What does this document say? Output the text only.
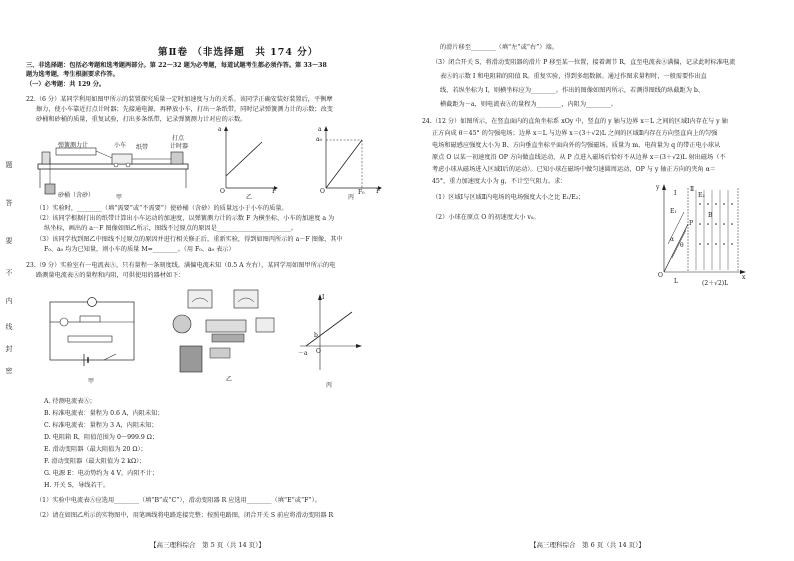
第Ⅱ卷 （非选择题　共 174 分）
三、非选择题：包括必考题和选考题两部分。第 22～32 题为必考题，每道试题考生都必须作答。第 33～38
题为选考题，考生根据要求作答。
（一）必考题：共 129 分。
22.（6 分）某同学利用如图甲所示的装置探究质量一定时加速度与力的关系。该同学正确安装好装置后，平衡摩
擦力，使小车靠近打点计时器；先接通电源，再释放小车，打出一条纸带，同时记录弹簧测力计的示数；改变
砂桶和砂桶的质量，重复试验，打出多条纸带，记录弹簧测力计对应的示数。
弹簧测力计	小车 纸带
打点
计时器
砂桶（含砂）	甲
a
F
O
乙
a
a₀
F
F₀
O
丙
（1）实验时，________（填“需要”或“不需要”）使砂桶（含砂）的质量远小于小车的质量。
（2）该同学根据打出的纸带计算出小车运动的加速度，以弹簧测力计的示数 F 为横坐标，小车的加速度 a 为
纵坐标，画出的 a－F 图像如图乙所示，图线不过原点的原因是________________________。
（3）该同学找到图乙中图线不过原点的原因并进行相关修正后，重新实验，得到如图丙所示的 a－F 图像，其中
F₀、a₀ 均为已知量，则小车的质量 M=________。（用 F₀、a₀ 表示）
23.（9 分）实验室有一电流表Ⓐ，只有量程一条刻度线，满偏电流未知（0.5 A 左右），某同学用如图甲所示的电
路测量电流表Ⓐ的量程和内阻，可供使用的器材如下：
甲	乙
I
b
－a O
丙
A. 待测电流表Ⓐ；
B. 标准电流表：量程为 0.6 A，内阻未知；
C. 标准电流表：量程为 3 A，内阻未知；
D. 电阻箱 R，阻值范围为 0～999.9 Ω；
E. 滑动变阻器（最大阻值为 20 Ω）；
F. 滑动变阻器（最大阻值为 2 kΩ）；
G. 电源 E：电动势约为 4 V，内阻不计；
H. 开关 S，导线若干。
（1）实验中电流表Ⓐ应选用________（填“B”或“C”），滑动变阻器 R 应选用________（填“E”或“F”）。
（2）请在如图乙所示的实物图中，用笔画线将电路连接完整；按照电路图，闭合开关 S 前应将滑动变阻器 R
题
答
要
不
内
线
封
密
【高三理科综合　第 5 页（共 14 页）】
的滑片移至________（填“左”或“右”）端。
（3）闭合开关 S，将滑动变阻器的滑片 P 移至某一位置，接着调节 R，直至电流表Ⓐ满偏，记录此时标准电流
表Ⓐ的示数 I 和电阻箱的阻值 R。重复实验，得到多组数据。通过作图求量程时，一般需要作出直
线，若纵坐标为 I，则横坐标应为________。作出的图像如图丙所示，若测得图线的纵截距为 b、
横截距为－a，则电流表Ⓐ的量程为________，内阻为________。
24.（12 分）如图所示，在竖直面内的直角坐标系 xOy 中，竖直的 y 轴与边界 x＝L 之间的区域Ⅰ内存在与 y 轴
正方向成 θ＝45° 的匀强电场；边界 x＝L 与边界 x＝(3＋√2)L 之间的区域Ⅱ内存在方向竖直向上的匀强
电场和磁感应强度大小为 B、方向垂直坐标平面向外的匀强磁场。质量为 m、电荷量为 q 的带正电小球从
原点 O 以某一初速度沿 OP 方向做直线运动，从 P 点进入磁场后恰好不从边界 x＝(3＋√2)L 射出磁场（不
考虑小球从磁场进入区域Ⅰ后的运动）。已知小球在磁场中做匀速圆周运动，OP 与 y 轴正方向的夹角 α＝
45°，重力加速度大小为 g，不计空气阻力。求：
（1）区域Ⅰ与区域Ⅱ内电场的电场强度大小之比 E₁/E₂；
（2）小球在原点 O 的初速度大小 v₀。
y
x
O
P
E₁
E₂
B
θ
α
Ⅰ
Ⅱ
L	(2＋√2)L
【高三理科综合　第 6 页（共 14 页）】
